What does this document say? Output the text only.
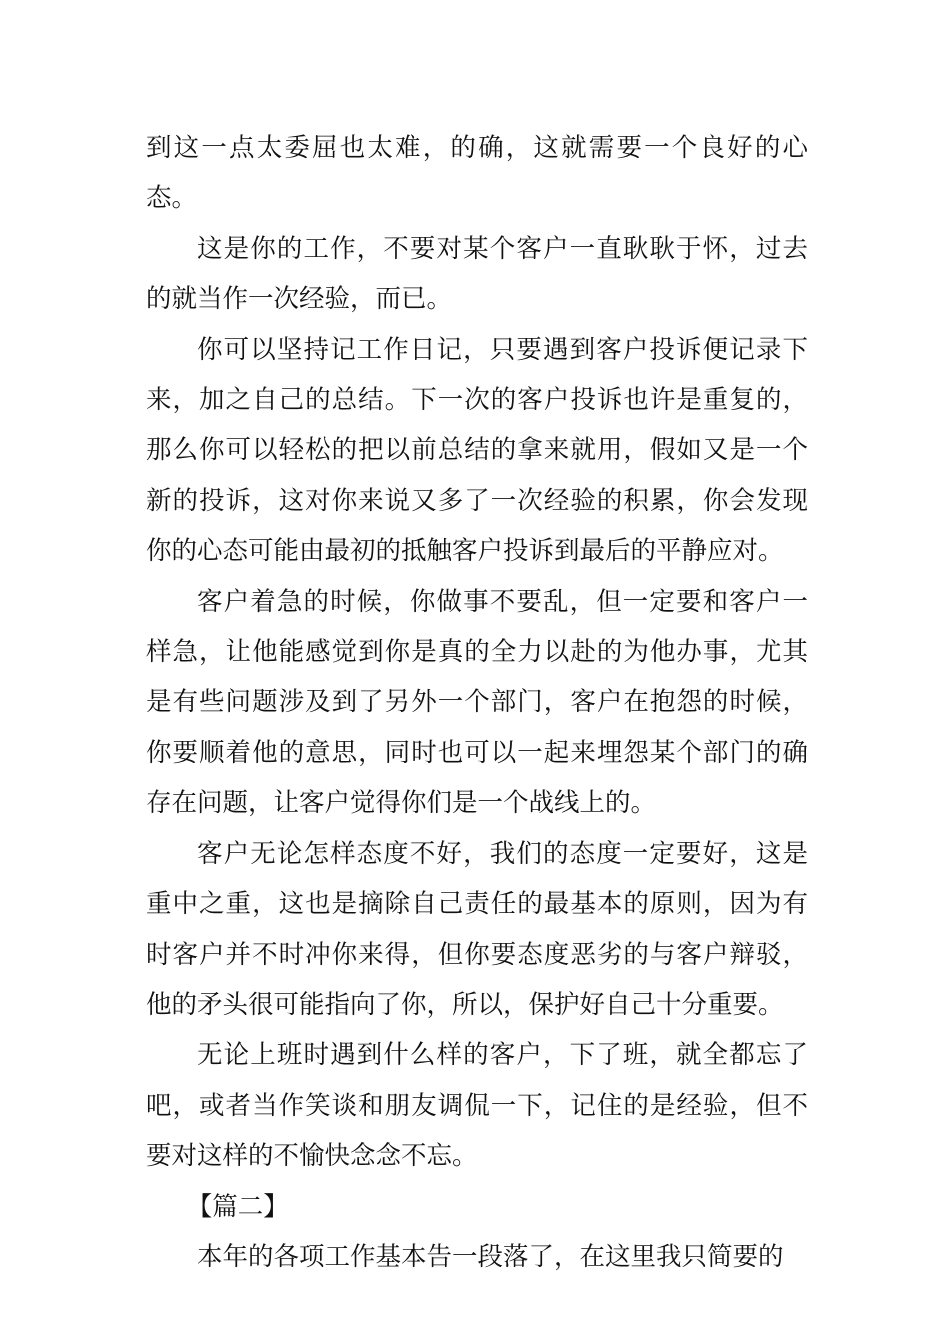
到这一点太委屈也太难，的确，这就需要一个良好的心态。

这是你的工作，不要对某个客户一直耿耿于怀，过去的就当作一次经验，而已。

你可以坚持记工作日记，只要遇到客户投诉便记录下来，加之自己的总结。下一次的客户投诉也许是重复的，那么你可以轻松的把以前总结的拿来就用，假如又是一个新的投诉，这对你来说又多了一次经验的积累，你会发现你的心态可能由最初的抵触客户投诉到最后的平静应对。

客户着急的时候，你做事不要乱，但一定要和客户一样急，让他能感觉到你是真的全力以赴的为他办事，尤其是有些问题涉及到了另外一个部门，客户在抱怨的时候，你要顺着他的意思，同时也可以一起来埋怨某个部门的确存在问题，让客户觉得你们是一个战线上的。

客户无论怎样态度不好，我们的态度一定要好，这是重中之重，这也是摘除自己责任的最基本的原则，因为有时客户并不时冲你来得，但你要态度恶劣的与客户辩驳，他的矛头很可能指向了你，所以，保护好自己十分重要。

无论上班时遇到什么样的客户，下了班，就全都忘了吧，或者当作笑谈和朋友调侃一下，记住的是经验，但不要对这样的不愉快念念不忘。

【篇二】

本年的各项工作基本告一段落了，在这里我只简要的
